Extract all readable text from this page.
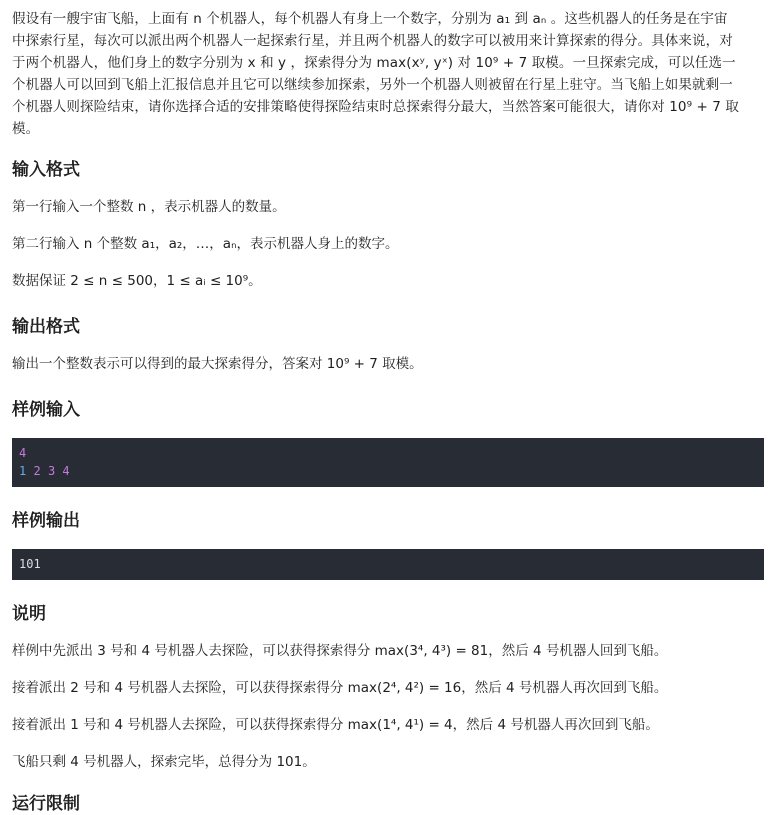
假设有一艘宇宙飞船，上面有 n 个机器人，每个机器人有身上一个数字，分别为 a₁ 到 aₙ 。这些机器人的任务是在宇宙
中探索行星，每次可以派出两个机器人一起探索行星，并且两个机器人的数字可以被用来计算探索的得分。具体来说，对
于两个机器人，他们身上的数字分别为 x 和 y ，探索得分为 max(xʸ, yˣ) 对 10⁹ + 7 取模。一旦探索完成，可以任选一
个机器人可以回到飞船上汇报信息并且它可以继续参加探索，另外一个机器人则被留在行星上驻守。当飞船上如果就剩一
个机器人则探险结束，请你选择合适的安排策略使得探险结束时总探索得分最大，当然答案可能很大，请你对 10⁹ + 7 取
模。
输入格式

第一行输入一个整数 n ，表示机器人的数量。

第二行输入 n 个整数 a₁，a₂，…，aₙ，表示机器人身上的数字。

数据保证 2 ≤ n ≤ 500，1 ≤ aᵢ ≤ 10⁹。

输出格式

输出一个整数表示可以得到的最大探索得分，答案对 10⁹ + 7 取模。

样例输入
4
1 2 3 4
样例输出
101
说明

样例中先派出 3 号和 4 号机器人去探险，可以获得探索得分 max(3⁴, 4³) = 81，然后 4 号机器人回到飞船。

接着派出 2 号和 4 号机器人去探险，可以获得探索得分 max(2⁴, 4²) = 16，然后 4 号机器人再次回到飞船。

接着派出 1 号和 4 号机器人去探险，可以获得探索得分 max(1⁴, 4¹) = 4，然后 4 号机器人再次回到飞船。

飞船只剩 4 号机器人，探索完毕，总得分为 101。

运行限制
